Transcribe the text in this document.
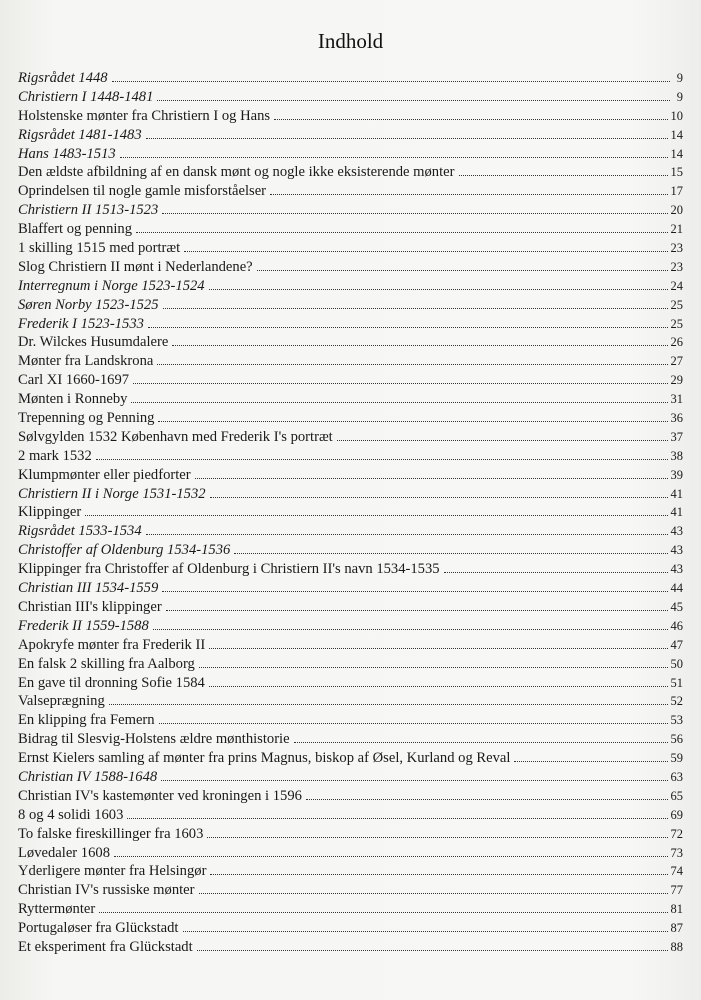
Indhold
Rigsrådet 1448	9
Christiern I 1448-1481	9
Holstenske mønter fra Christiern I og Hans	10
Rigsrådet 1481-1483	14
Hans 1483-1513	14
Den ældste afbildning af en dansk mønt og nogle ikke eksisterende mønter	15
Oprindelsen til nogle gamle misforståelser	17
Christiern II 1513-1523	20
Blaffert og penning	21
1 skilling 1515 med portræt	23
Slog Christiern II mønt i Nederlandene?	23
Interregnum i Norge 1523-1524	24
Søren Norby 1523-1525	25
Frederik I 1523-1533	25
Dr. Wilckes Husumdalere	26
Mønter fra Landskrona	27
Carl XI 1660-1697	29
Mønten i Ronneby	31
Trepenning og Penning	36
Sølvgylden 1532 København med Frederik I's portræt	37
2 mark 1532	38
Klumpmønter eller piedforter	39
Christiern II i Norge 1531-1532	41
Klippinger	41
Rigsrådet 1533-1534	43
Christoffer af Oldenburg 1534-1536	43
Klippinger fra Christoffer af Oldenburg i Christiern II's navn 1534-1535	43
Christian III 1534-1559	44
Christian III's klippinger	45
Frederik II 1559-1588	46
Apokryfe mønter fra Frederik II	47
En falsk 2 skilling fra Aalborg	50
En gave til dronning Sofie 1584	51
Valseprægning	52
En klipping fra Femern	53
Bidrag til Slesvig-Holstens ældre mønthistorie	56
Ernst Kielers samling af mønter fra prins Magnus, biskop af Øsel, Kurland og Reval	59
Christian IV 1588-1648	63
Christian IV's kastemønter ved kroningen i 1596	65
8 og 4 solidi 1603	69
To falske fireskillinger fra 1603	72
Løvedaler 1608	73
Yderligere mønter fra Helsingør	74
Christian IV's russiske mønter	77
Ryttermønter	81
Portugaløser fra Glückstadt	87
Et eksperiment fra Glückstadt	88
